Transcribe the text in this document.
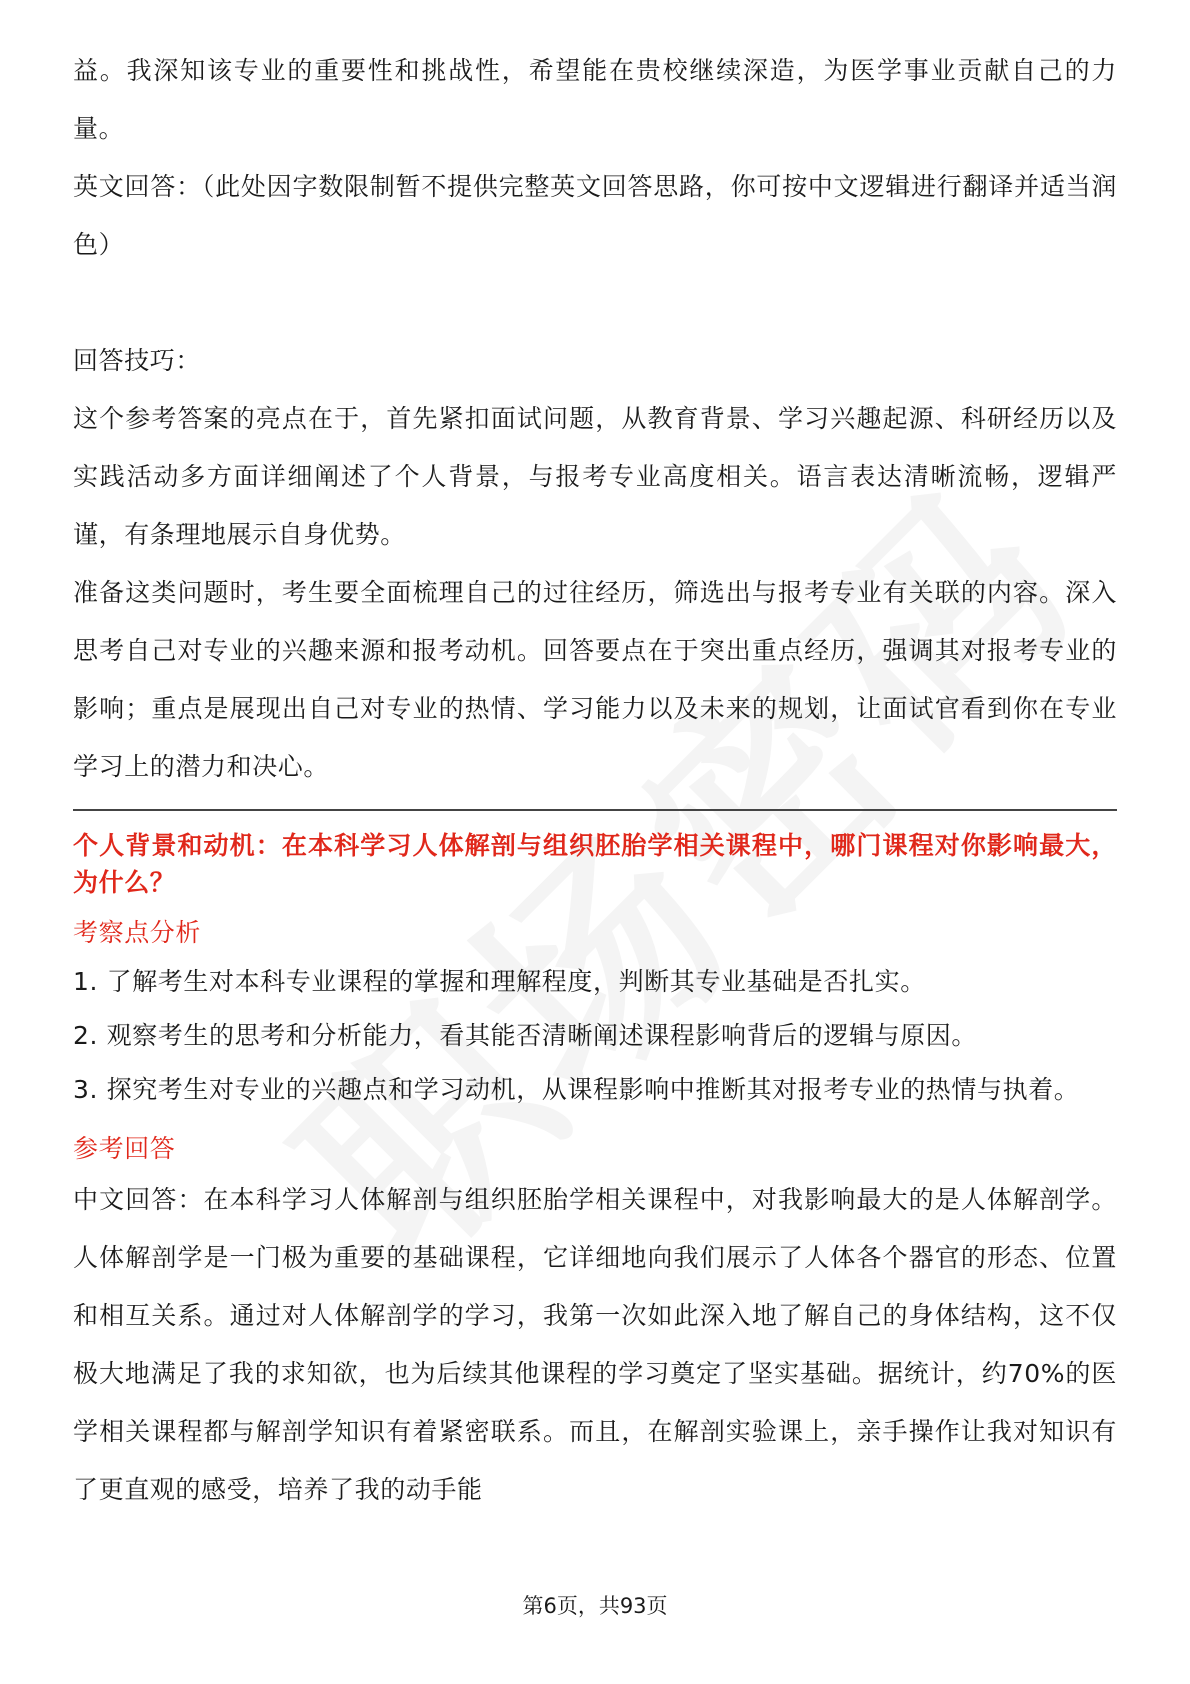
益。我深知该专业的重要性和挑战性，希望能在贵校继续深造，为医学事业贡献自己的力量。

英文回答：（此处因字数限制暂不提供完整英文回答思路，你可按中文逻辑进行翻译并适当润色）

回答技巧：

这个参考答案的亮点在于，首先紧扣面试问题，从教育背景、学习兴趣起源、科研经历以及实践活动多方面详细阐述了个人背景，与报考专业高度相关。语言表达清晰流畅，逻辑严谨，有条理地展示自身优势。

准备这类问题时，考生要全面梳理自己的过往经历，筛选出与报考专业有关联的内容。深入思考自己对专业的兴趣来源和报考动机。回答要点在于突出重点经历，强调其对报考专业的影响；重点是展现出自己对专业的热情、学习能力以及未来的规划，让面试官看到你在专业学习上的潜力和决心。

个人背景和动机：在本科学习人体解剖与组织胚胎学相关课程中，哪门课程对你影响最大，为什么？
考察点分析

1. 了解考生对本科专业课程的掌握和理解程度，判断其专业基础是否扎实。

2. 观察考生的思考和分析能力，看其能否清晰阐述课程影响背后的逻辑与原因。

3. 探究考生对专业的兴趣点和学习动机，从课程影响中推断其对报考专业的热情与执着。

参考回答

中文回答：在本科学习人体解剖与组织胚胎学相关课程中，对我影响最大的是人体解剖学。人体解剖学是一门极为重要的基础课程，它详细地向我们展示了人体各个器官的形态、位置和相互关系。通过对人体解剖学的学习，我第一次如此深入地了解自己的身体结构，这不仅极大地满足了我的求知欲，也为后续其他课程的学习奠定了坚实基础。据统计，约70%的医学相关课程都与解剖学知识有着紧密联系。而且，在解剖实验课上，亲手操作让我对知识有了更直观的感受，培养了我的动手能

第6页，共93页
